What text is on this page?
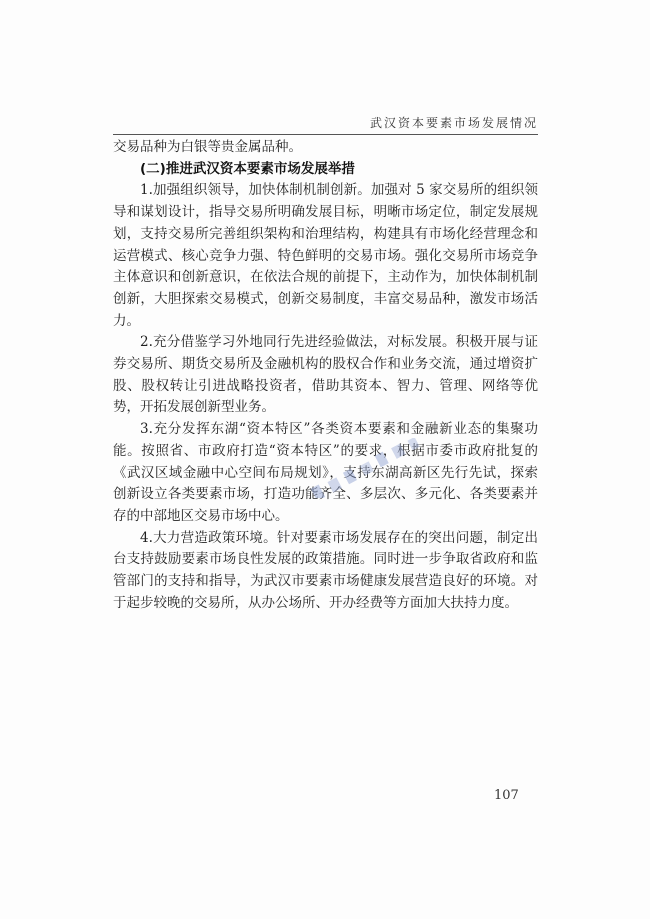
武汉资本要素市场发展情况

交易品种为白银等贵金属品种。

(二)推进武汉资本要素市场发展举措

1.加强组织领导，加快体制机制创新。加强对 5 家交易所的组织领导和谋划设计，指导交易所明确发展目标，明晰市场定位，制定发展规划，支持交易所完善组织架构和治理结构，构建具有市场化经营理念和运营模式、核心竞争力强、特色鲜明的交易市场。强化交易所市场竞争主体意识和创新意识，在依法合规的前提下，主动作为，加快体制机制创新，大胆探索交易模式，创新交易制度，丰富交易品种，激发市场活力。

2.充分借鉴学习外地同行先进经验做法，对标发展。积极开展与证券交易所、期货交易所及金融机构的股权合作和业务交流，通过增资扩股、股权转让引进战略投资者，借助其资本、智力、管理、网络等优势，开拓发展创新型业务。

3.充分发挥东湖“资本特区”各类资本要素和金融新业态的集聚功能。按照省、市政府打造“资本特区”的要求，根据市委市政府批复的《武汉区域金融中心空间布局规划》，支持东湖高新区先行先试，探索创新设立各类要素市场，打造功能齐全、多层次、多元化、各类要素并存的中部地区交易市场中心。

4.大力营造政策环境。针对要素市场发展存在的突出问题，制定出台支持鼓励要素市场良性发展的政策措施。同时进一步争取省政府和监管部门的支持和指导，为武汉市要素市场健康发展营造良好的环境。对于起步较晚的交易所，从办公场所、开办经费等方面加大扶持力度。

107
